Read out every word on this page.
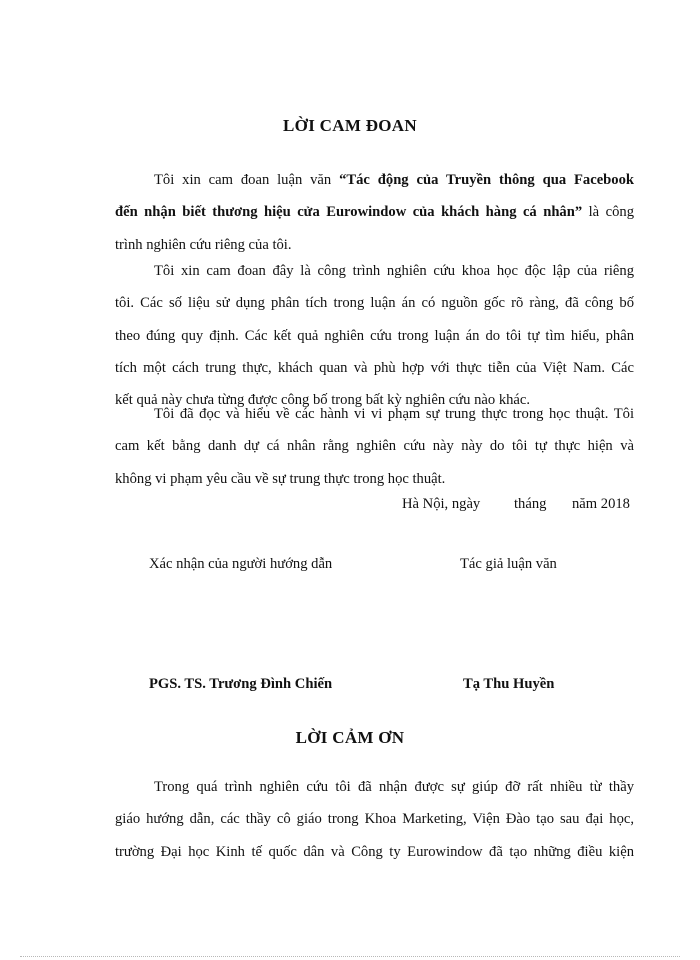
LỜI CAM ĐOAN
Tôi xin cam đoan luận văn “Tác động của Truyền thông qua Facebook
đến nhận biết thương hiệu cửa Eurowindow của khách hàng cá nhân” là công
trình nghiên cứu riêng của tôi.
Tôi xin cam đoan đây là công trình nghiên cứu khoa học độc lập của riêng
tôi. Các số liệu sử dụng phân tích trong luận án có nguồn gốc rõ ràng, đã công bố
theo đúng quy định. Các kết quả nghiên cứu trong luận án do tôi tự tìm hiểu, phân
tích một cách trung thực, khách quan và phù hợp với thực tiễn của Việt Nam. Các
kết quả này chưa từng được công bố trong bất kỳ nghiên cứu nào khác.
Tôi đã đọc và hiểu về các hành vi vi phạm sự trung thực trong học thuật. Tôi
cam kết bằng danh dự cá nhân rằng nghiên cứu này này do tôi tự thực hiện và
không vi phạm yêu cầu về sự trung thực trong học thuật.
Hà Nội, ngày tháng năm 2018
Xác nhận của người hướng dẫn	Tác giả luận văn
PGS. TS. Trương Đình Chiến	Tạ Thu Huyền
LỜI CẢM ƠN
Trong quá trình nghiên cứu tôi đã nhận được sự giúp đỡ rất nhiều từ thầy
giáo hướng dẫn, các thầy cô giáo trong Khoa Marketing, Viện Đào tạo sau đại học,
trường Đại học Kinh tế quốc dân và Công ty Eurowindow đã tạo những điều kiện
